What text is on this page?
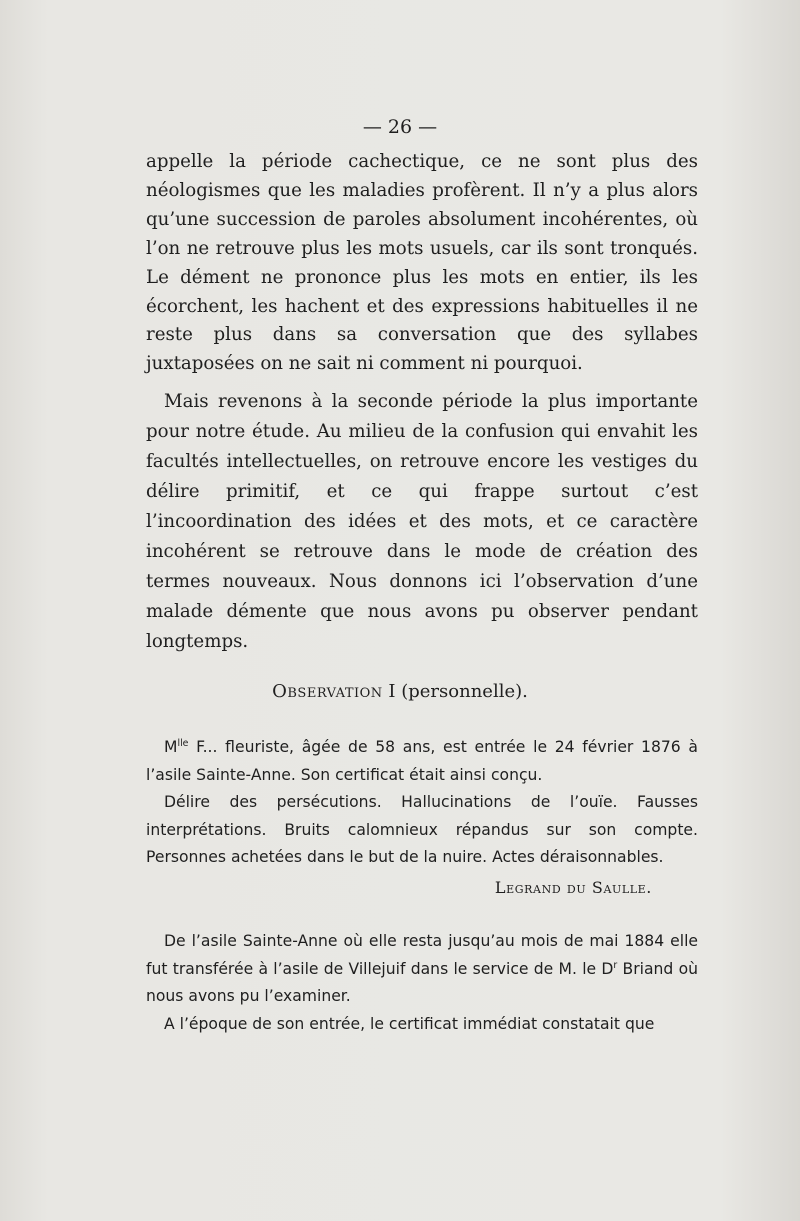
— 26 —

appelle la période cachectique, ce ne sont plus des néologismes que les maladies profèrent. Il n’y a plus alors qu’une succession de paroles absolument incohérentes, où l’on ne retrouve plus les mots usuels, car ils sont tronqués. Le dément ne prononce plus les mots en entier, ils les écorchent, les hachent et des expressions habituelles il ne reste plus dans sa conversation que des syllabes juxtaposées on ne sait ni comment ni pourquoi.

Mais revenons à la seconde période la plus importante pour notre étude. Au milieu de la confusion qui envahit les facultés intellectuelles, on retrouve encore les vestiges du délire primitif, et ce qui frappe surtout c’est l’incoordination des idées et des mots, et ce caractère incohérent se retrouve dans le mode de création des termes nouveaux. Nous donnons ici l’observation d’une malade démente que nous avons pu observer pendant longtemps.

Observation I (personnelle).

$M^{lle}$ F... fleuriste, âgée de 58 ans, est entrée le 24 février 1876 à l’asile Sainte-Anne. Son certificat était ainsi conçu.

Délire des persécutions. Hallucinations de l’ouïe. Fausses interprétations. Bruits calomnieux répandus sur son compte. Personnes achetées dans le but de la nuire. Actes déraisonnables.

Legrand du Saulle.

De l’asile Sainte-Anne où elle resta jusqu’au mois de mai 1884 elle fut transférée à l’asile de Villejuif dans le service de M. le $D^r$ Briand où nous avons pu l’examiner.

A l’époque de son entrée, le certificat immédiat constatait que
